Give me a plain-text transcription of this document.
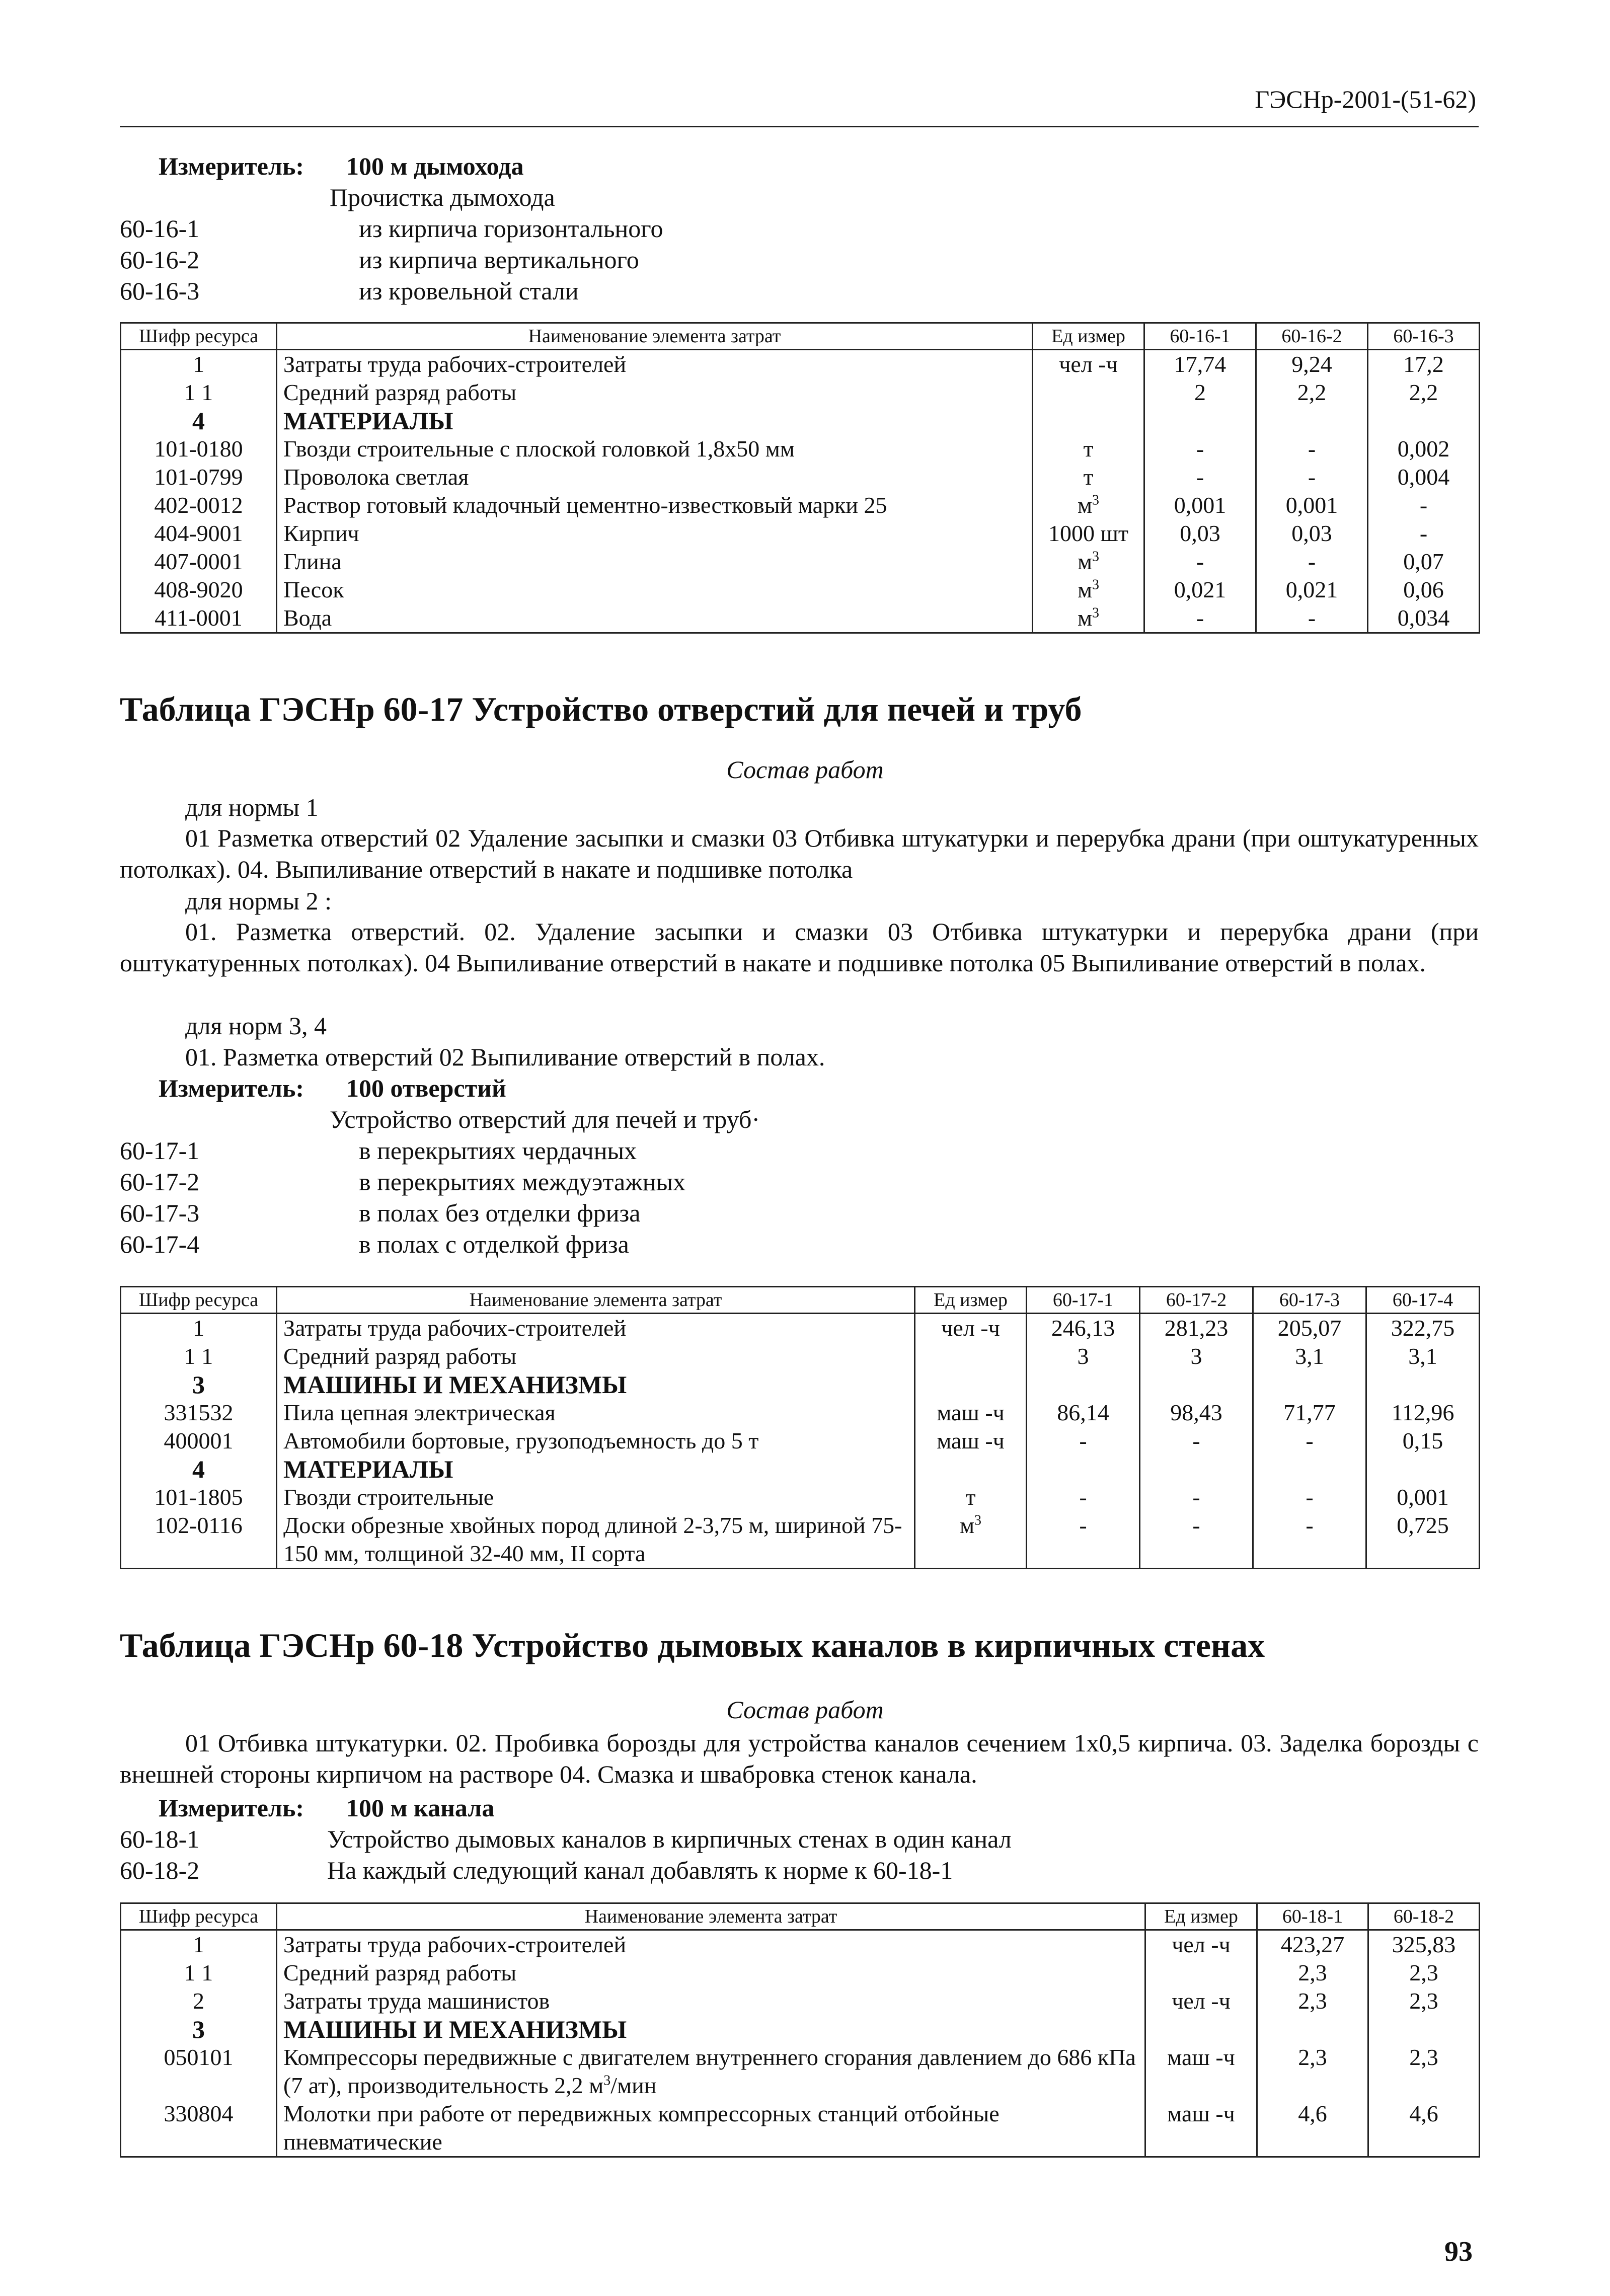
ГЭСНр-2001-(51-62)
Измеритель: 100 м дымохода
Прочистка дымохода
60-16-1	из кирпича горизонтального
60-16-2	из кирпича вертикального
60-16-3	из кровельной стали
Шифр ресурса	Наименование элемента затрат	Ед измер	60-16-1	60-16-2	60-16-3
1	Затраты труда рабочих-строителей	чел -ч	17,74	9,24	17,2
1 1	Средний разряд работы		2	2,2	2,2
4	МАТЕРИАЛЫ				
101-0180	Гвозди строительные с плоской головкой 1,8x50 мм	т	-	-	0,002
101-0799	Проволока светлая	т	-	-	0,004
402-0012	Раствор готовый кладочный цементно-известковый марки 25	$м^3$	0,001	0,001	-
404-9001	Кирпич	1000 шт	0,03	0,03	-
407-0001	Глина	$м^3$	-	-	0,07
408-9020	Песок	$м^3$	0,021	0,021	0,06
411-0001	Вода	$м^3$	-	-	0,034
Таблица ГЭСНр 60-17 Устройство отверстий для печей и труб
Состав работ
для нормы 1
01 Разметка отверстий 02 Удаление засыпки и смазки 03 Отбивка штукатурки и перерубка драни (при оштукатуренных потолках). 04. Выпиливание отверстий в накате и подшивке потолка
для нормы 2 :
01. Разметка отверстий. 02. Удаление засыпки и смазки 03 Отбивка штукатурки и перерубка драни (при оштукатуренных потолках). 04 Выпиливание отверстий в накате и подшивке потолка 05 Выпиливание отверстий в полах.
для норм 3, 4
01. Разметка отверстий 02 Выпиливание отверстий в полах.
Измеритель: 100 отверстий
Устройство отверстий для печей и труб·
60-17-1	в перекрытиях чердачных
60-17-2	в перекрытиях междуэтажных
60-17-3	в полах без отделки фриза
60-17-4	в полах с отделкой фриза
Шифр ресурса	Наименование элемента затрат	Ед измер	60-17-1	60-17-2	60-17-3	60-17-4
1	Затраты труда рабочих-строителей	чел -ч	246,13	281,23	205,07	322,75
1 1	Средний разряд работы		3	3	3,1	3,1
3	МАШИНЫ И МЕХАНИЗМЫ					
331532	Пила цепная электрическая	маш -ч	86,14	98,43	71,77	112,96
400001	Автомобили бортовые, грузоподъемность до 5 т	маш -ч	-	-	-	0,15
4	МАТЕРИАЛЫ					
101-1805	Гвозди строительные	т	-	-	-	0,001
102-0116	Доски обрезные хвойных пород длиной 2-3,75 м, шириной 75-150 мм, толщиной 32-40 мм, II сорта	$м^3$	-	-	-	0,725
Таблица ГЭСНр 60-18 Устройство дымовых каналов в кирпичных стенах
Состав работ
01 Отбивка штукатурки. 02. Пробивка борозды для устройства каналов сечением 1x0,5 кирпича. 03. Заделка борозды с внешней стороны кирпичом на растворе 04. Смазка и швабровка стенок канала.
Измеритель: 100 м канала
60-18-1	Устройство дымовых каналов в кирпичных стенах в один канал
60-18-2	На каждый следующий канал добавлять к норме к 60-18-1
Шифр ресурса	Наименование элемента затрат	Ед измер	60-18-1	60-18-2
1	Затраты труда рабочих-строителей	чел -ч	423,27	325,83
1 1	Средний разряд работы		2,3	2,3
2	Затраты труда машинистов	чел -ч	2,3	2,3
3	МАШИНЫ И МЕХАНИЗМЫ			
050101	Компрессоры передвижные с двигателем внутреннего сгорания давлением до 686 кПа (7 ат), производительность 2,2 $м^3$/мин	маш -ч	2,3	2,3
330804	Молотки при работе от передвижных компрессорных станций отбойные пневматические	маш -ч	4,6	4,6
93
